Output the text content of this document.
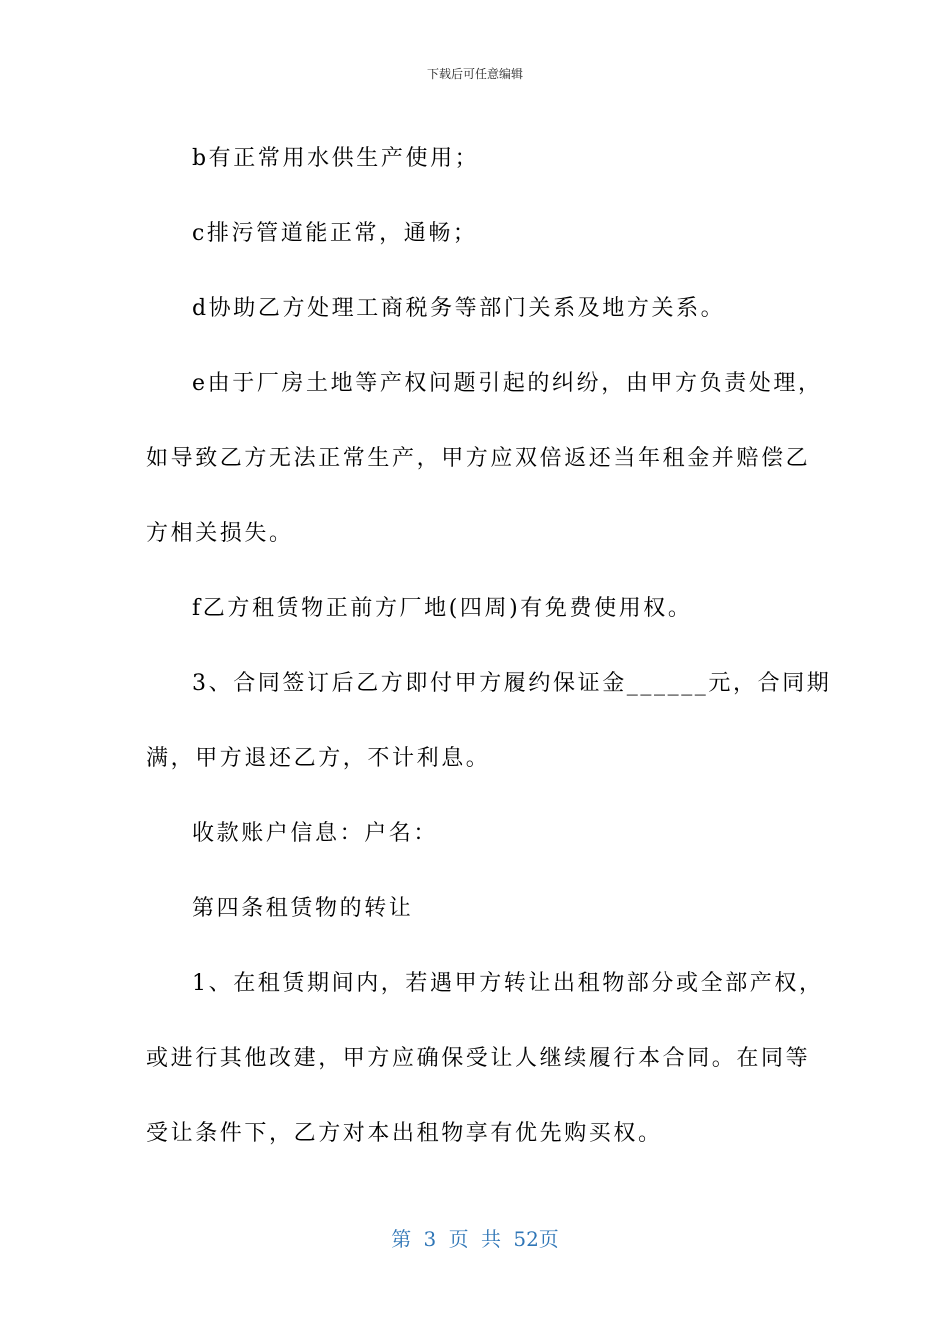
下载后可任意编辑

b有正常用水供生产使用；

c排污管道能正常，通畅；

d协助乙方处理工商税务等部门关系及地方关系。

e由于厂房土地等产权问题引起的纠纷，由甲方负责处理，
如导致乙方无法正常生产，甲方应双倍返还当年租金并赔偿乙
方相关损失。

f乙方租赁物正前方厂地(四周)有免费使用权。

3、合同签订后乙方即付甲方履约保证金______元，合同期
满，甲方退还乙方，不计利息。

收款账户信息：户名：

第四条租赁物的转让

1、在租赁期间内，若遇甲方转让出租物部分或全部产权，
或进行其他改建，甲方应确保受让人继续履行本合同。在同等
受让条件下，乙方对本出租物享有优先购买权。

第 3 页 共 52页
